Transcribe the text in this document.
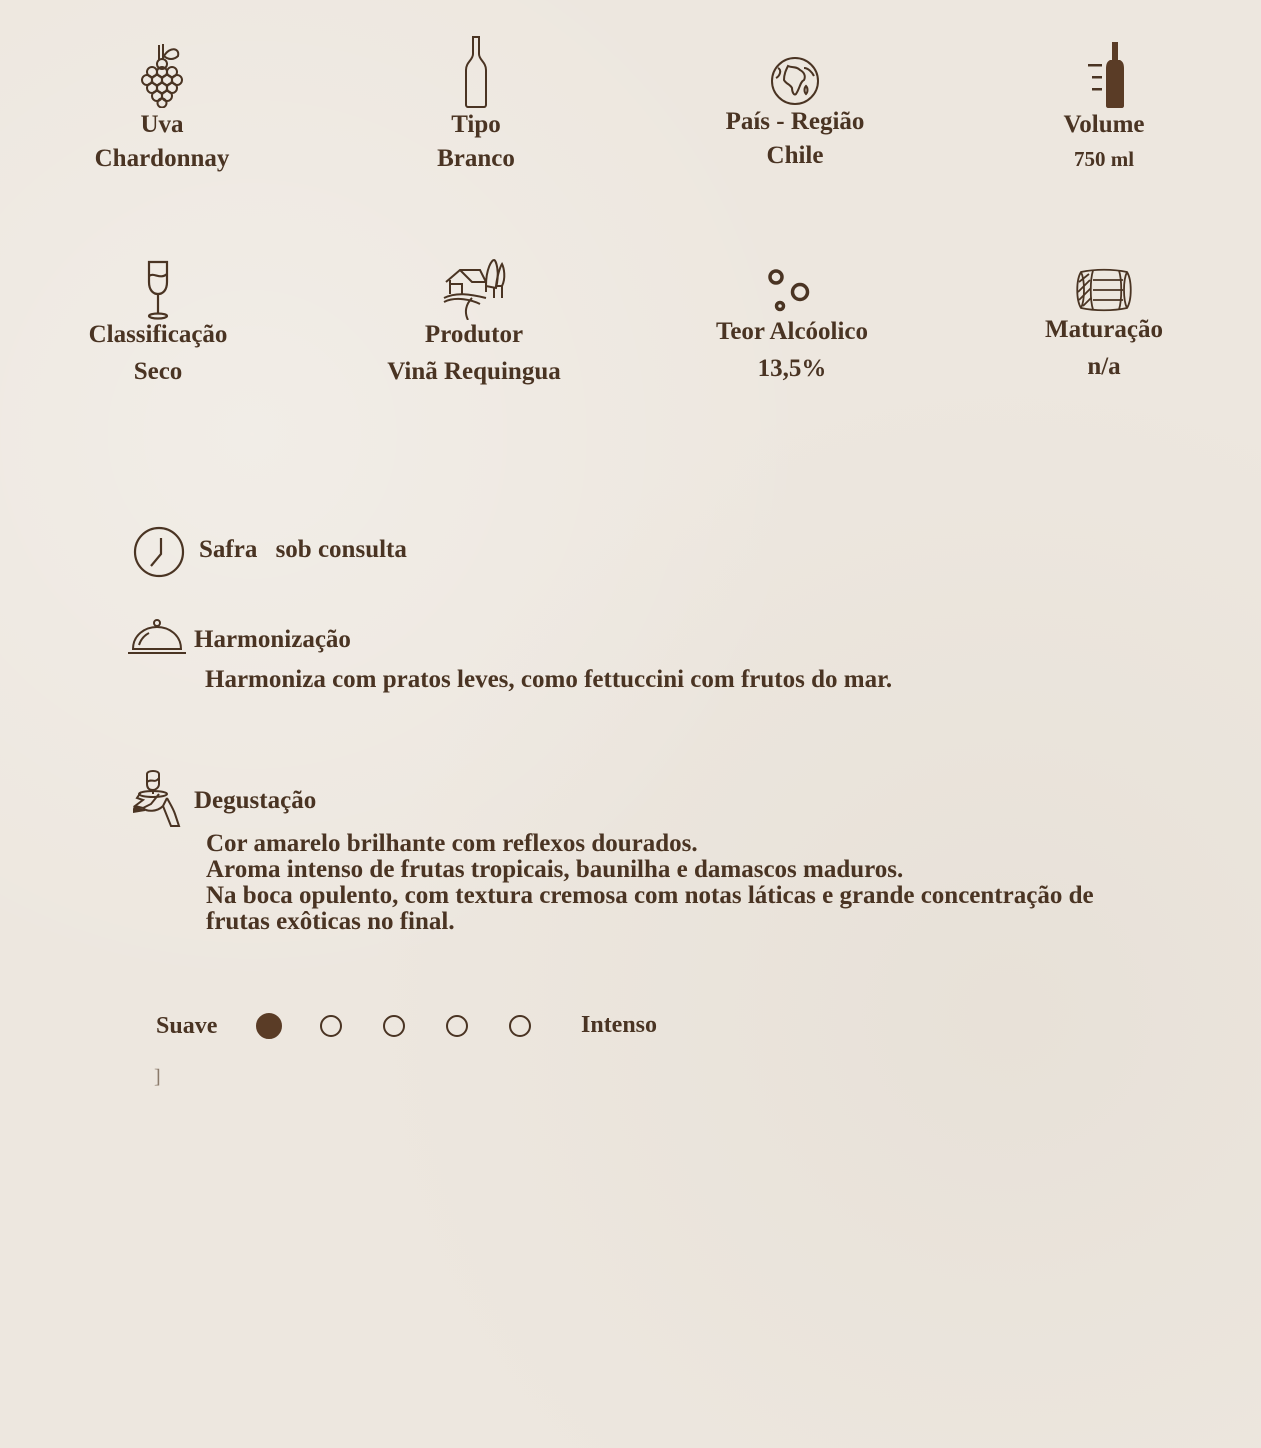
Uva
Chardonnay
Tipo
Branco
País - Região
Chile
Volume
750 ml
Classificação
Seco
Produtor
Vinã Requingua
Teor Alcóolico
13,5%
Maturação
n/a
Safra sob consulta
Harmonização
Harmoniza com pratos leves, como fettuccini com frutos do mar.
Degustação
Cor amarelo brilhante com reflexos dourados.
Aroma intenso de frutas tropicais, baunilha e damascos maduros.
Na boca opulento, com textura cremosa com notas láticas e grande concentração de
frutas exôticas no final.
Suave	Intenso
]
